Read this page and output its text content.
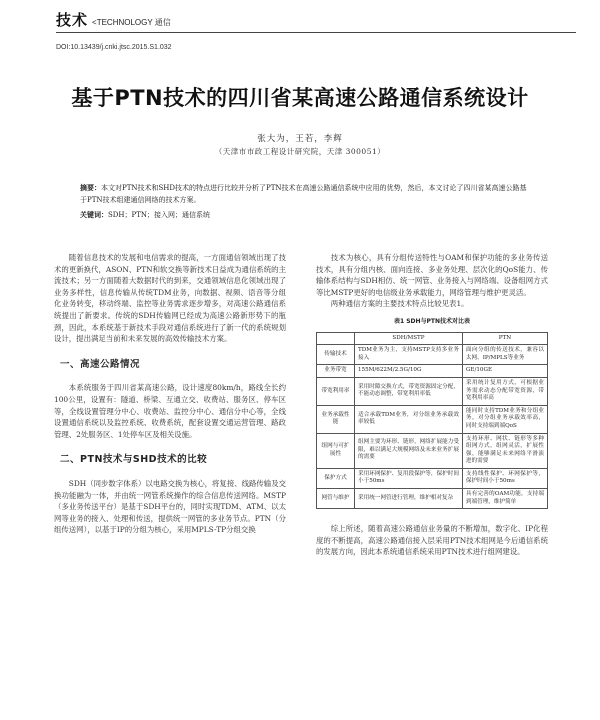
技术 <TECHNOLOGY 通信
DOI:10.13439/j.cnki.jtsc.2015.S1.032
基于PTN技术的四川省某高速公路通信系统设计
张大为，王若，李辉
（天津市市政工程设计研究院，天津 300051）
摘要：本文对PTN技术和SHD技术的特点进行比较并分析了PTN技术在高速公路通信系统中应用的优势，然后，本文讨论了四川省某高速公路基于PTN技术组建通信网络的技术方案。
关键词：SDH；PTN；接入网；通信系统

随着信息技术的发展和电信需求的提高，一方面通信领域出现了技术的更新换代，ASON、PTN和软交换等新技术日益成为通信系统的主流技术；另一方面随着大数据时代的到来，交通领域信息化领域出现了业务多样性，信息传输从传统TDM业务，向数据、视频、语音等分组化业务转变，移动终端、监控等业务需求逐步增多，对高速公路通信系统提出了新要求。传统的SDH传输网已经成为高速公路新形势下的瓶颈，因此，本系统基于新技术手段对通信系统进行了新一代的系统规划设计，提出满足当前和未来发展的高效传输技术方案。

一、高速公路情况

本系统服务于四川省某高速公路，设计速度80km/h，路线全长约100公里，设置有：隧道、桥梁、互通立交、收费站、服务区、停车区等，全线设置管理分中心、收费站、监控分中心、通信分中心等，全线设置通信系统以及监控系统、收费系统，配套设置交通运营管理、路政管理、2处服务区、1处停车区及相关设施。

二、PTN技术与SHD技术的比较

SDH（同步数字体系）以电路交换为核心，将复接、线路传输及交换功能融为一体，并由统一网管系统操作的综合信息传送网络。MSTP（多业务传送平台）是基于SDH平台的，同时实现TDM、ATM、以太网等业务的接入、处理和传送，提供统一网管的多业务节点。PTN（分组传送网），以基于IP的分组为核心，采用MPLS-TP分组交换

技术为核心，具有分组传送特性与OAM和保护功能的多业务传送技术，具有分组内核、面向连接、多业务处理、层次化的QoS能力、传输体系结构与SDH相仿、统一网管、业务接入与网络端、设备组网方式等比MSTP更好的电信级业务承载能力，网络管理与维护更灵活。

两种通信方案的主要技术特点比较见表1。

表1 SDH与PTN技术对比表
	SDH/MSTP	PTN
传输技术	TDM业务为主，支持MSTP支持多业务接入	面向分组的传送技术，兼容以太网、IP/MPLS等业务
业务带宽	155M/622M/2.5G/10G	GE/10GE
带宽利用率	采用时隙交换方式，带宽资源固定分配，不能动态调整，带宽利用率低	采用统计复用方式，可根据业务需求动态分配带宽资源，带宽利用率高
业务承载性能	适合承载TDM业务，对分组业务承载效率较低	能同时支持TDM业务和分组业务，对分组业务承载效率高，同时支持端到端QoS
组网与可扩展性	组网主要为环形、链形，网络扩展能力受限，难以满足大规模网络及未来业务扩展的需要	支持环形、网状、链形等多种组网方式，组网灵活，扩展性强，能够满足未来网络平滑演进的需要
保护方式	采用环网保护、复用段保护等，保护时间小于50ms	支持线性保护、环网保护等，保护时间小于50ms
网管与维护	采用统一网管进行管理，维护相对复杂	具有完善的OAM功能，支持端到端管理，维护简单

综上所述，随着高速公路通信业务量的不断增加，数字化、IP化程度的不断提高，高速公路通信接入层采用PTN技术组网是今后通信系统的发展方向，因此本系统通信系统采用PTN技术进行组网建设。
